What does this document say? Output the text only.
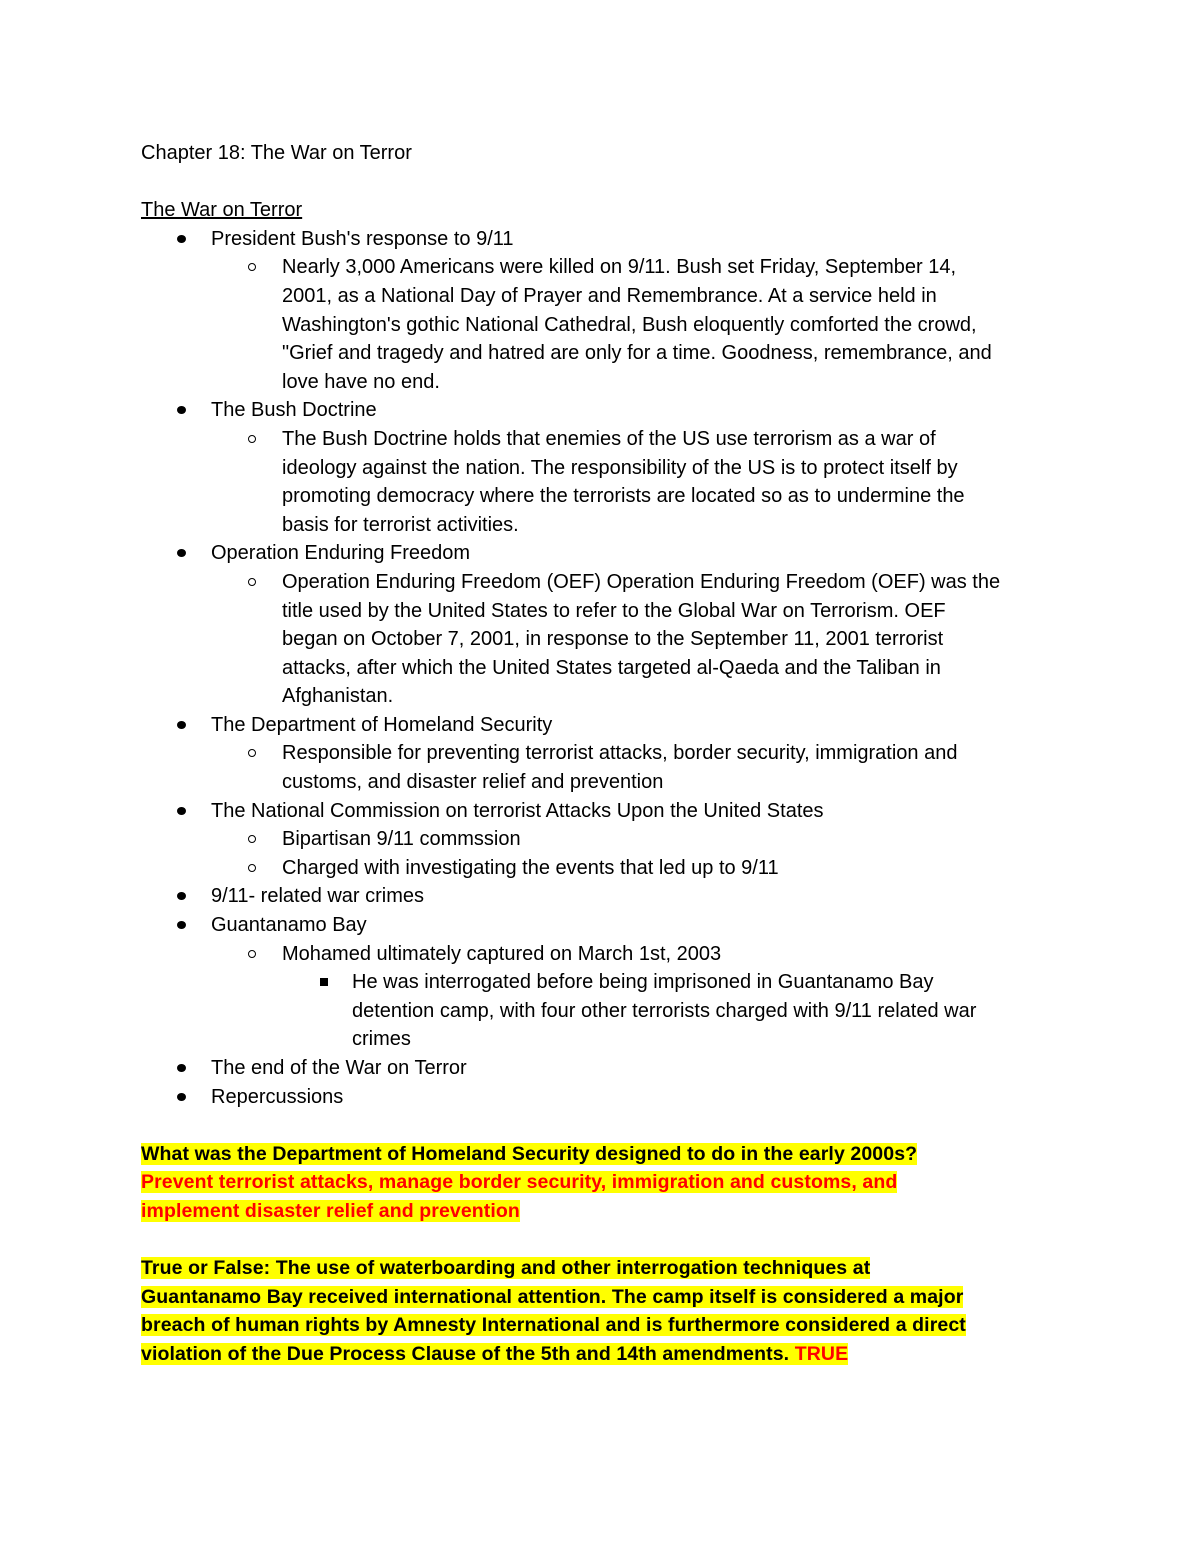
Chapter 18: The War on Terror
The War on Terror
President Bush's response to 9/11
Nearly 3,000 Americans were killed on 9/11. Bush set Friday, September 14,
2001, as a National Day of Prayer and Remembrance. At a service held in
Washington's gothic National Cathedral, Bush eloquently comforted the crowd,
"Grief and tragedy and hatred are only for a time. Goodness, remembrance, and
love have no end.
The Bush Doctrine
The Bush Doctrine holds that enemies of the US use terrorism as a war of
ideology against the nation. The responsibility of the US is to protect itself by
promoting democracy where the terrorists are located so as to undermine the
basis for terrorist activities.
Operation Enduring Freedom
Operation Enduring Freedom (OEF) Operation Enduring Freedom (OEF) was the
title used by the United States to refer to the Global War on Terrorism. OEF
began on October 7, 2001, in response to the September 11, 2001 terrorist
attacks, after which the United States targeted al-Qaeda and the Taliban in
Afghanistan.
The Department of Homeland Security
Responsible for preventing terrorist attacks, border security, immigration and
customs, and disaster relief and prevention
The National Commission on terrorist Attacks Upon the United States
Bipartisan 9/11 commssion
Charged with investigating the events that led up to 9/11
9/11- related war crimes
Guantanamo Bay
Mohamed ultimately captured on March 1st, 2003
He was interrogated before being imprisoned in Guantanamo Bay
detention camp, with four other terrorists charged with 9/11 related war
crimes
The end of the War on Terror
Repercussions
What was the Department of Homeland Security designed to do in the early 2000s?
Prevent terrorist attacks, manage border security, immigration and customs, and
implement disaster relief and prevention
True or False: The use of waterboarding and other interrogation techniques at
Guantanamo Bay received international attention. The camp itself is considered a major
breach of human rights by Amnesty International and is furthermore considered a direct
violation of the Due Process Clause of the 5th and 14th amendments. TRUE
